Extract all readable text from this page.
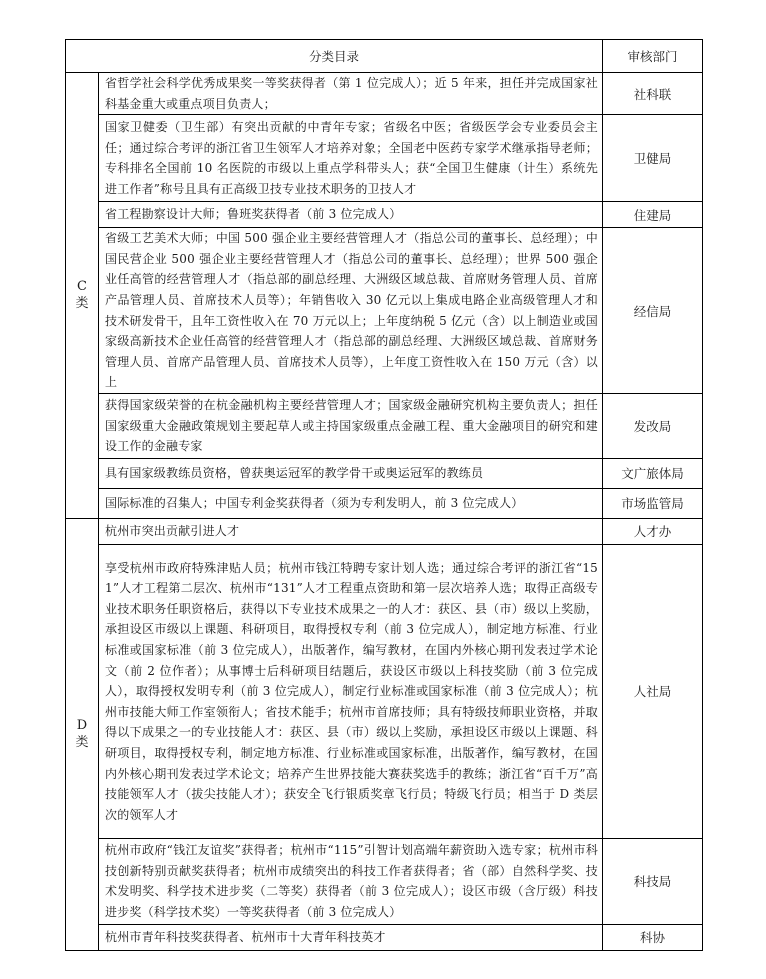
分类目录		审核部门

C
类	省哲学社会科学优秀成果奖一等奖获得者（第 1 位完成人）；近 5 年来，担任并完成国家社科基金重大或重点项目负责人；	社科联
	国家卫健委（卫生部）有突出贡献的中青年专家；省级名中医；省级医学会专业委员会主任；通过综合考评的浙江省卫生领军人才培养对象；全国老中医药专家学术继承指导老师；专科排名全国前 10 名医院的市级以上重点学科带头人；获“全国卫生健康（计生）系统先进工作者”称号且具有正高级卫技专业技术职务的卫技人才	卫健局
	省工程勘察设计大师；鲁班奖获得者（前 3 位完成人）	住建局
	省级工艺美术大师；中国 500 强企业主要经营管理人才（指总公司的董事长、总经理）；中国民营企业 500 强企业主要经营管理人才（指总公司的董事长、总经理）；世界 500 强企业任高管的经营管理人才（指总部的副总经理、大洲级区域总裁、首席财务管理人员、首席产品管理人员、首席技术人员等）；年销售收入 30 亿元以上集成电路企业高级管理人才和技术研发骨干，且年工资性收入在 70 万元以上；上年度纳税 5 亿元（含）以上制造业或国家级高新技术企业任高管的经营管理人才（指总部的副总经理、大洲级区域总裁、首席财务管理人员、首席产品管理人员、首席技术人员等），上年度工资性收入在 150 万元（含）以上	经信局
	获得国家级荣誉的在杭金融机构主要经营管理人才；国家级金融研究机构主要负责人；担任国家级重大金融政策规划主要起草人或主持国家级重点金融工程、重大金融项目的研究和建设工作的金融专家	发改局
	具有国家级教练员资格，曾获奥运冠军的教学骨干或奥运冠军的教练员	文广旅体局
	国际标准的召集人；中国专利金奖获得者（须为专利发明人，前 3 位完成人）	市场监管局

D
类	杭州市突出贡献引进人才	人才办
	享受杭州市政府特殊津贴人员；杭州市钱江特聘专家计划人选；通过综合考评的浙江省“151”人才工程第二层次、杭州市“131”人才工程重点资助和第一层次培养人选；取得正高级专业技术职务任职资格后，获得以下专业技术成果之一的人才：获区、县（市）级以上奖励，承担设区市级以上课题、科研项目，取得授权专利（前 3 位完成人），制定地方标准、行业标准或国家标准（前 3 位完成人），出版著作，编写教材，在国内外核心期刊发表过学术论文（前 2 位作者）；从事博士后科研项目结题后，获设区市级以上科技奖励（前 3 位完成人），取得授权发明专利（前 3 位完成人），制定行业标准或国家标准（前 3 位完成人）；杭州市技能大师工作室领衔人；省技术能手；杭州市首席技师；具有特级技师职业资格，并取得以下成果之一的专业技能人才：获区、县（市）级以上奖励，承担设区市级以上课题、科研项目，取得授权专利，制定地方标准、行业标准或国家标准，出版著作，编写教材，在国内外核心期刊发表过学术论文；培养产生世界技能大赛获奖选手的教练；浙江省“百千万”高技能领军人才（拔尖技能人才）；获安全飞行银质奖章飞行员；特级飞行员；相当于 D 类层次的领军人才	人社局
	杭州市政府“钱江友谊奖”获得者；杭州市“115”引智计划高端年薪资助入选专家；杭州市科技创新特别贡献奖获得者；杭州市成绩突出的科技工作者获得者；省（部）自然科学奖、技术发明奖、科学技术进步奖（二等奖）获得者（前 3 位完成人）；设区市级（含厅级）科技进步奖（科学技术奖）一等奖获得者（前 3 位完成人）	科技局
	杭州市青年科技奖获得者、杭州市十大青年科技英才	科协
